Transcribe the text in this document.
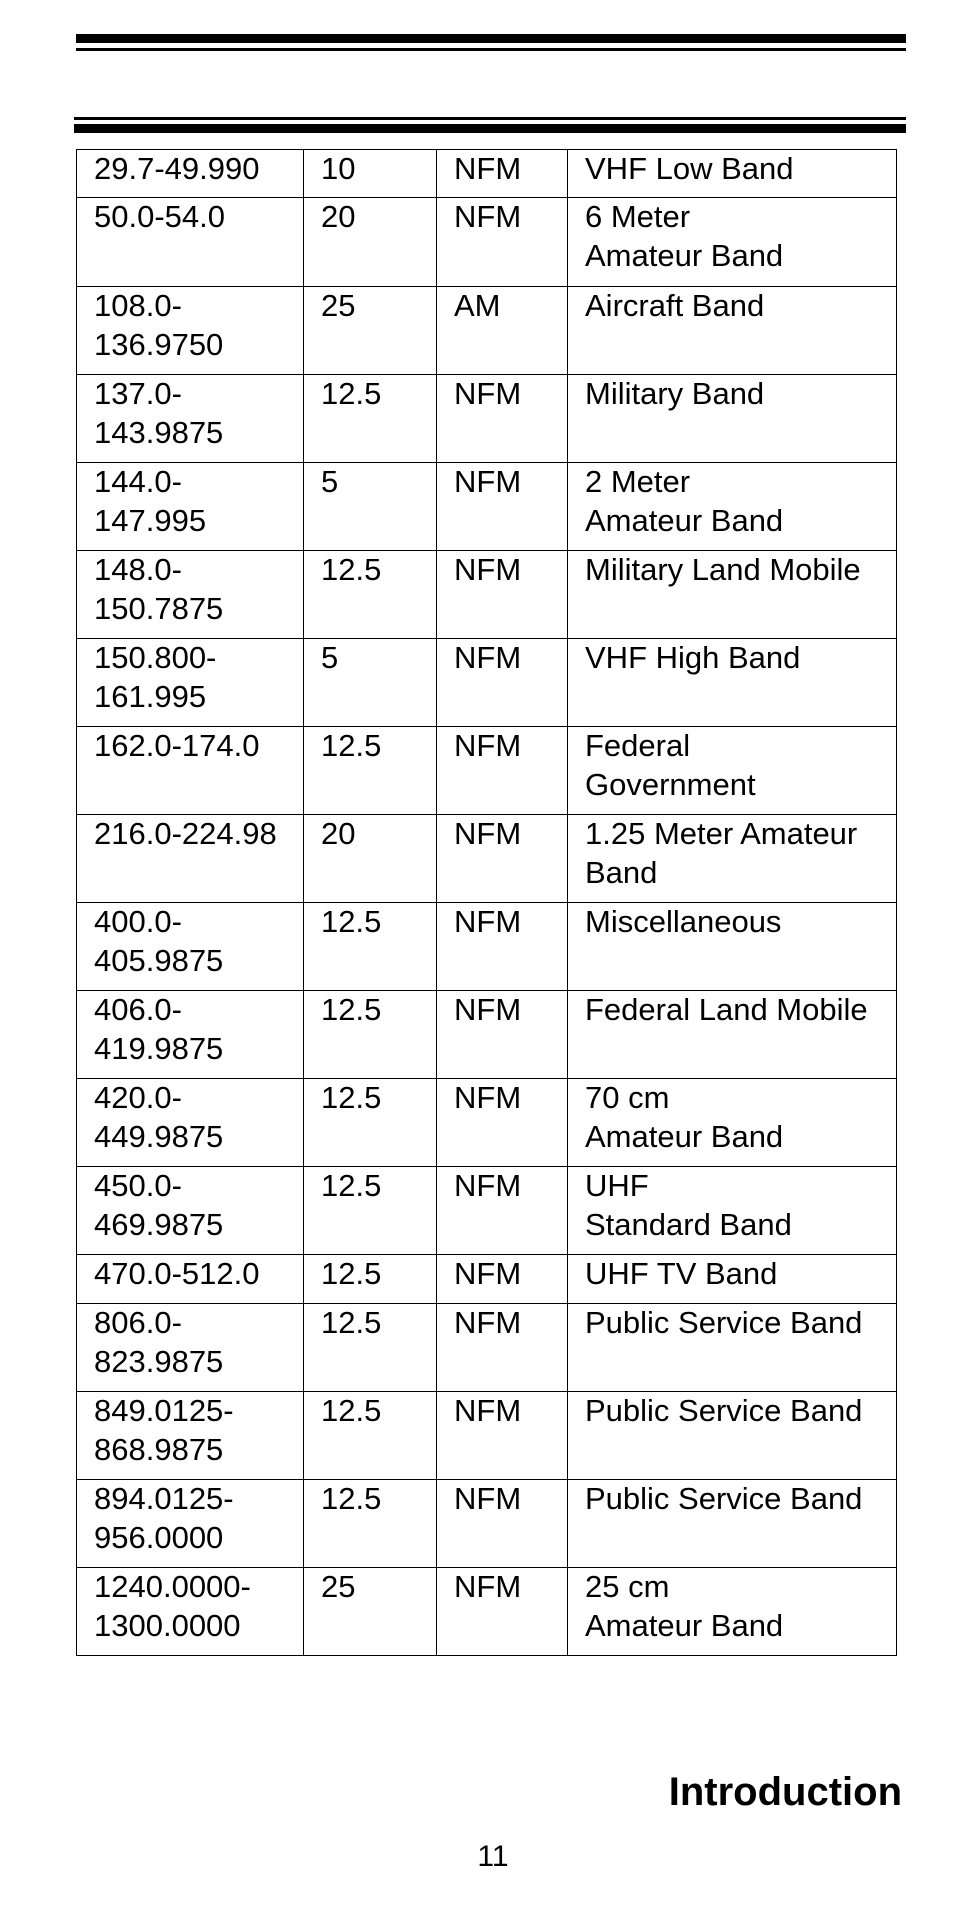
29.7-49.990	10	NFM	VHF Low Band
50.0-54.0	20	NFM	6 Meter
Amateur Band
108.0-
136.9750	25	AM	Aircraft Band
137.0-
143.9875	12.5	NFM	Military Band
144.0-
147.995	5	NFM	2 Meter
Amateur Band
148.0-
150.7875	12.5	NFM	Military Land Mobile
150.800-
161.995	5	NFM	VHF High Band
162.0-174.0	12.5	NFM	Federal
Government
216.0-224.98	20	NFM	1.25 Meter Amateur
Band
400.0-
405.9875	12.5	NFM	Miscellaneous
406.0-
419.9875	12.5	NFM	Federal Land Mobile
420.0-
449.9875	12.5	NFM	70 cm
Amateur Band
450.0-
469.9875	12.5	NFM	UHF
Standard Band
470.0-512.0	12.5	NFM	UHF TV Band
806.0-
823.9875	12.5	NFM	Public Service Band
849.0125-
868.9875	12.5	NFM	Public Service Band
894.0125-
956.0000	12.5	NFM	Public Service Band
1240.0000-
1300.0000	25	NFM	25 cm
Amateur Band
Introduction

11
